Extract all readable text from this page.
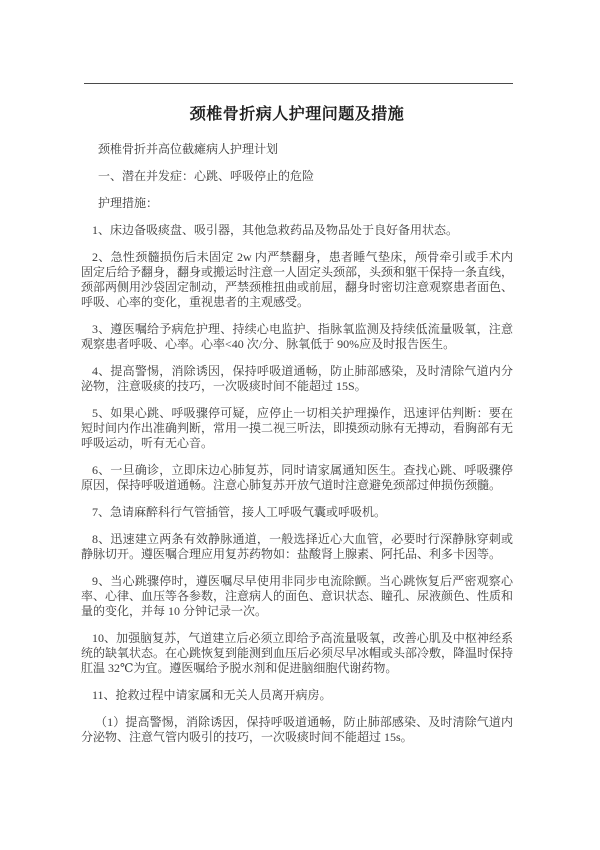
颈椎骨折病人护理问题及措施

颈椎骨折并高位截瘫病人护理计划

一、潜在并发症：心跳、呼吸停止的危险

护理措施：

1、床边备吸痰盘、吸引器，其他急救药品及物品处于良好备用状态。

2、急性颈髓损伤后未固定 2w 内严禁翻身，患者睡气垫床，颅骨牵引或手术内固定后给予翻身，翻身或搬运时注意一人固定头颈部，头颈和躯干保持一条直线，颈部两侧用沙袋固定制动，严禁颈椎扭曲或前屈，翻身时密切注意观察患者面色、呼吸、心率的变化，重视患者的主观感受。

3、遵医嘱给予病危护理、持续心电监护、指脉氧监测及持续低流量吸氧，注意观察患者呼吸、心率。心率<40 次/分、脉氧低于 90%应及时报告医生。

4、提高警惕，消除诱因，保持呼吸道通畅，防止肺部感染，及时清除气道内分泌物，注意吸痰的技巧，一次吸痰时间不能超过 15S。

5、如果心跳、呼吸骤停可疑，应停止一切相关护理操作，迅速评估判断：要在短时间内作出准确判断，常用一摸二视三听法，即摸颈动脉有无搏动，看胸部有无呼吸运动，听有无心音。

6、一旦确诊，立即床边心肺复苏，同时请家属通知医生。查找心跳、呼吸骤停原因，保持呼吸道通畅。注意心肺复苏开放气道时注意避免颈部过伸损伤颈髓。

7、急请麻醉科行气管插管，接人工呼吸气囊或呼吸机。

8、迅速建立两条有效静脉通道，一般选择近心大血管，必要时行深静脉穿刺或静脉切开。遵医嘱合理应用复苏药物如：盐酸肾上腺素、阿托品、利多卡因等。

9、当心跳骤停时，遵医嘱尽早使用非同步电流除颤。当心跳恢复后严密观察心率、心律、血压等各参数，注意病人的面色、意识状态、瞳孔、尿液颜色、性质和量的变化，并每 10 分钟记录一次。

10、加强脑复苏，气道建立后必须立即给予高流量吸氧，改善心肌及中枢神经系统的缺氧状态。在心跳恢复到能测到血压后必须尽早冰帽或头部冷敷，降温时保持肛温 32℃为宜。遵医嘱给予脱水剂和促进脑细胞代谢药物。

11、抢救过程中请家属和无关人员离开病房。

（1）提高警惕，消除诱因，保持呼吸道通畅，防止肺部感染、及时清除气道内分泌物、注意气管内吸引的技巧，一次吸痰时间不能超过 15s。
